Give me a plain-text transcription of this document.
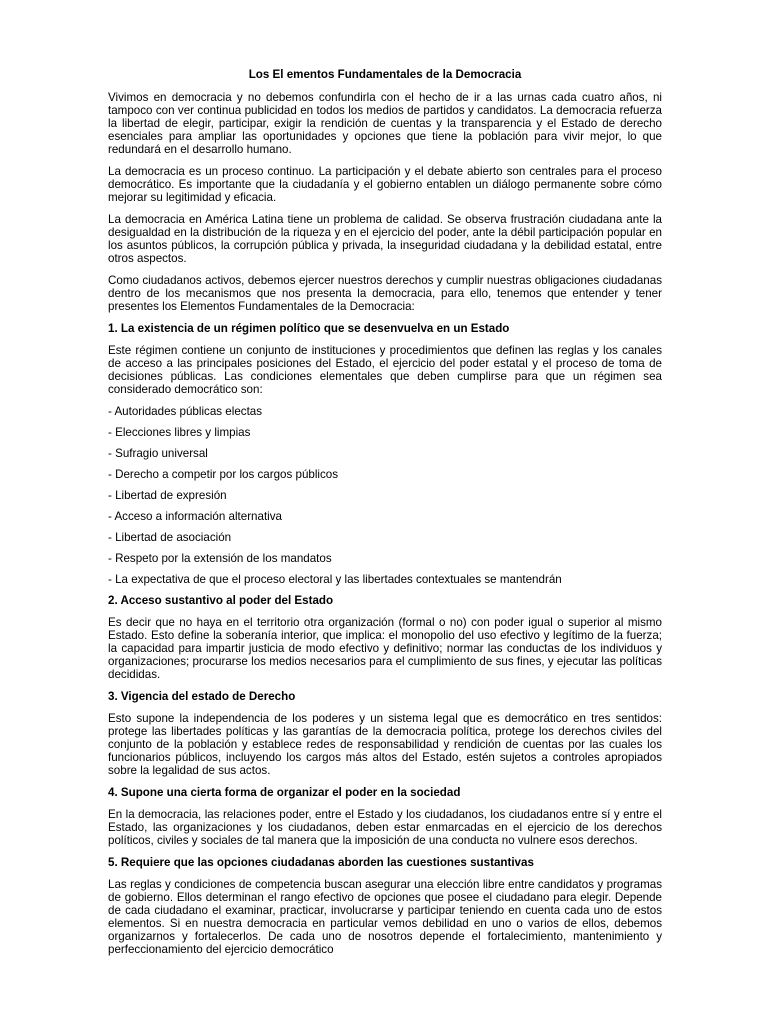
Los El ementos Fundamentales de la Democracia

Vivimos en democracia y no debemos confundirla con el hecho de ir a las urnas cada cuatro años, ni tampoco con ver continua publicidad en todos los medios de partidos y candidatos. La democracia refuerza la libertad de elegir, participar, exigir la rendición de cuentas y la transparencia y el Estado de derecho esenciales para ampliar las oportunidades y opciones que tiene la población para vivir mejor, lo que redundará en el desarrollo humano.

La democracia es un proceso continuo. La participación y el debate abierto son centrales para el proceso democrático. Es importante que la ciudadanía y el gobierno entablen un diálogo permanente sobre cómo mejorar su legitimidad y eficacia.

La democracia en América Latina tiene un problema de calidad. Se observa frustración ciudadana ante la desigualdad en la distribución de la riqueza y en el ejercicio del poder, ante la débil participación popular en los asuntos públicos, la corrupción pública y privada, la inseguridad ciudadana y la debilidad estatal, entre otros aspectos.

Como ciudadanos activos, debemos ejercer nuestros derechos y cumplir nuestras obligaciones ciudadanas dentro de los mecanismos que nos presenta la democracia, para ello, tenemos que entender y tener presentes los Elementos Fundamentales de la Democracia:

1. La existencia de un régimen político que se desenvuelva en un Estado

Este régimen contiene un conjunto de instituciones y procedimientos que definen las reglas y los canales de acceso a las principales posiciones del Estado, el ejercicio del poder estatal y el proceso de toma de decisiones públicas. Las condiciones elementales que deben cumplirse para que un régimen sea considerado democrático son:

- Autoridades públicas electas
- Elecciones libres y limpias
- Sufragio universal
- Derecho a competir por los cargos públicos
- Libertad de expresión
- Acceso a información alternativa
- Libertad de asociación
- Respeto por la extensión de los mandatos
- La expectativa de que el proceso electoral y las libertades contextuales se mantendrán
2. Acceso sustantivo al poder del Estado

Es decir que no haya en el territorio otra organización (formal o no) con poder igual o superior al mismo Estado. Esto define la soberanía interior, que implica: el monopolio del uso efectivo y legítimo de la fuerza; la capacidad para impartir justicia de modo efectivo y definitivo; normar las conductas de los individuos y organizaciones; procurarse los medios necesarios para el cumplimiento de sus fines, y ejecutar las políticas decididas.

3. Vigencia del estado de Derecho

Esto supone la independencia de los poderes y un sistema legal que es democrático en tres sentidos: protege las libertades políticas y las garantías de la democracia política, protege los derechos civiles del conjunto de la población y establece redes de responsabilidad y rendición de cuentas por las cuales los funcionarios públicos, incluyendo los cargos más altos del Estado, estén sujetos a controles apropiados sobre la legalidad de sus actos.

4. Supone una cierta forma de organizar el poder en la sociedad

En la democracia, las relaciones poder, entre el Estado y los ciudadanos, los ciudadanos entre sí y entre el Estado, las organizaciones y los ciudadanos, deben estar enmarcadas en el ejercicio de los derechos políticos, civiles y sociales de tal manera que la imposición de una conducta no vulnere esos derechos.

5. Requiere que las opciones ciudadanas aborden las cuestiones sustantivas

Las reglas y condiciones de competencia buscan asegurar una elección libre entre candidatos y programas de gobierno. Ellos determinan el rango efectivo de opciones que posee el ciudadano para elegir. Depende de cada ciudadano el examinar, practicar, involucrarse y participar teniendo en cuenta cada uno de estos elementos. Si en nuestra democracia en particular vemos debilidad en uno o varios de ellos, debemos organizarnos y fortalecerlos. De cada uno de nosotros depende el fortalecimiento, mantenimiento y perfeccionamiento del ejercicio democrático
